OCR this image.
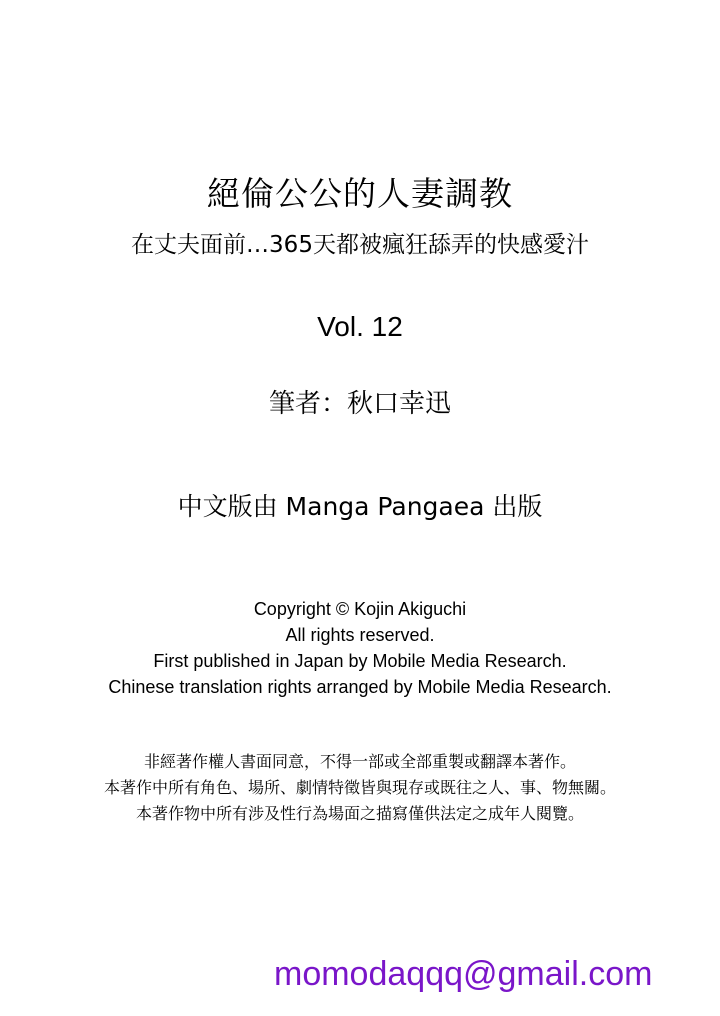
絕倫公公的人妻調教
在丈夫面前…365天都被瘋狂舔弄的快感愛汁
Vol. 12
筆者：秋口幸迅
中文版由 Manga Pangaea 出版
Copyright © Kojin Akiguchi
All rights reserved.
First published in Japan by Mobile Media Research.
Chinese translation rights arranged by Mobile Media Research.
非經著作權人書面同意，不得一部或全部重製或翻譯本著作。
本著作中所有角色、場所、劇情特徵皆與現存或既往之人、事、物無關。
本著作物中所有涉及性行為場面之描寫僅供法定之成年人閱覽。
momodaqqq@gmail.com
